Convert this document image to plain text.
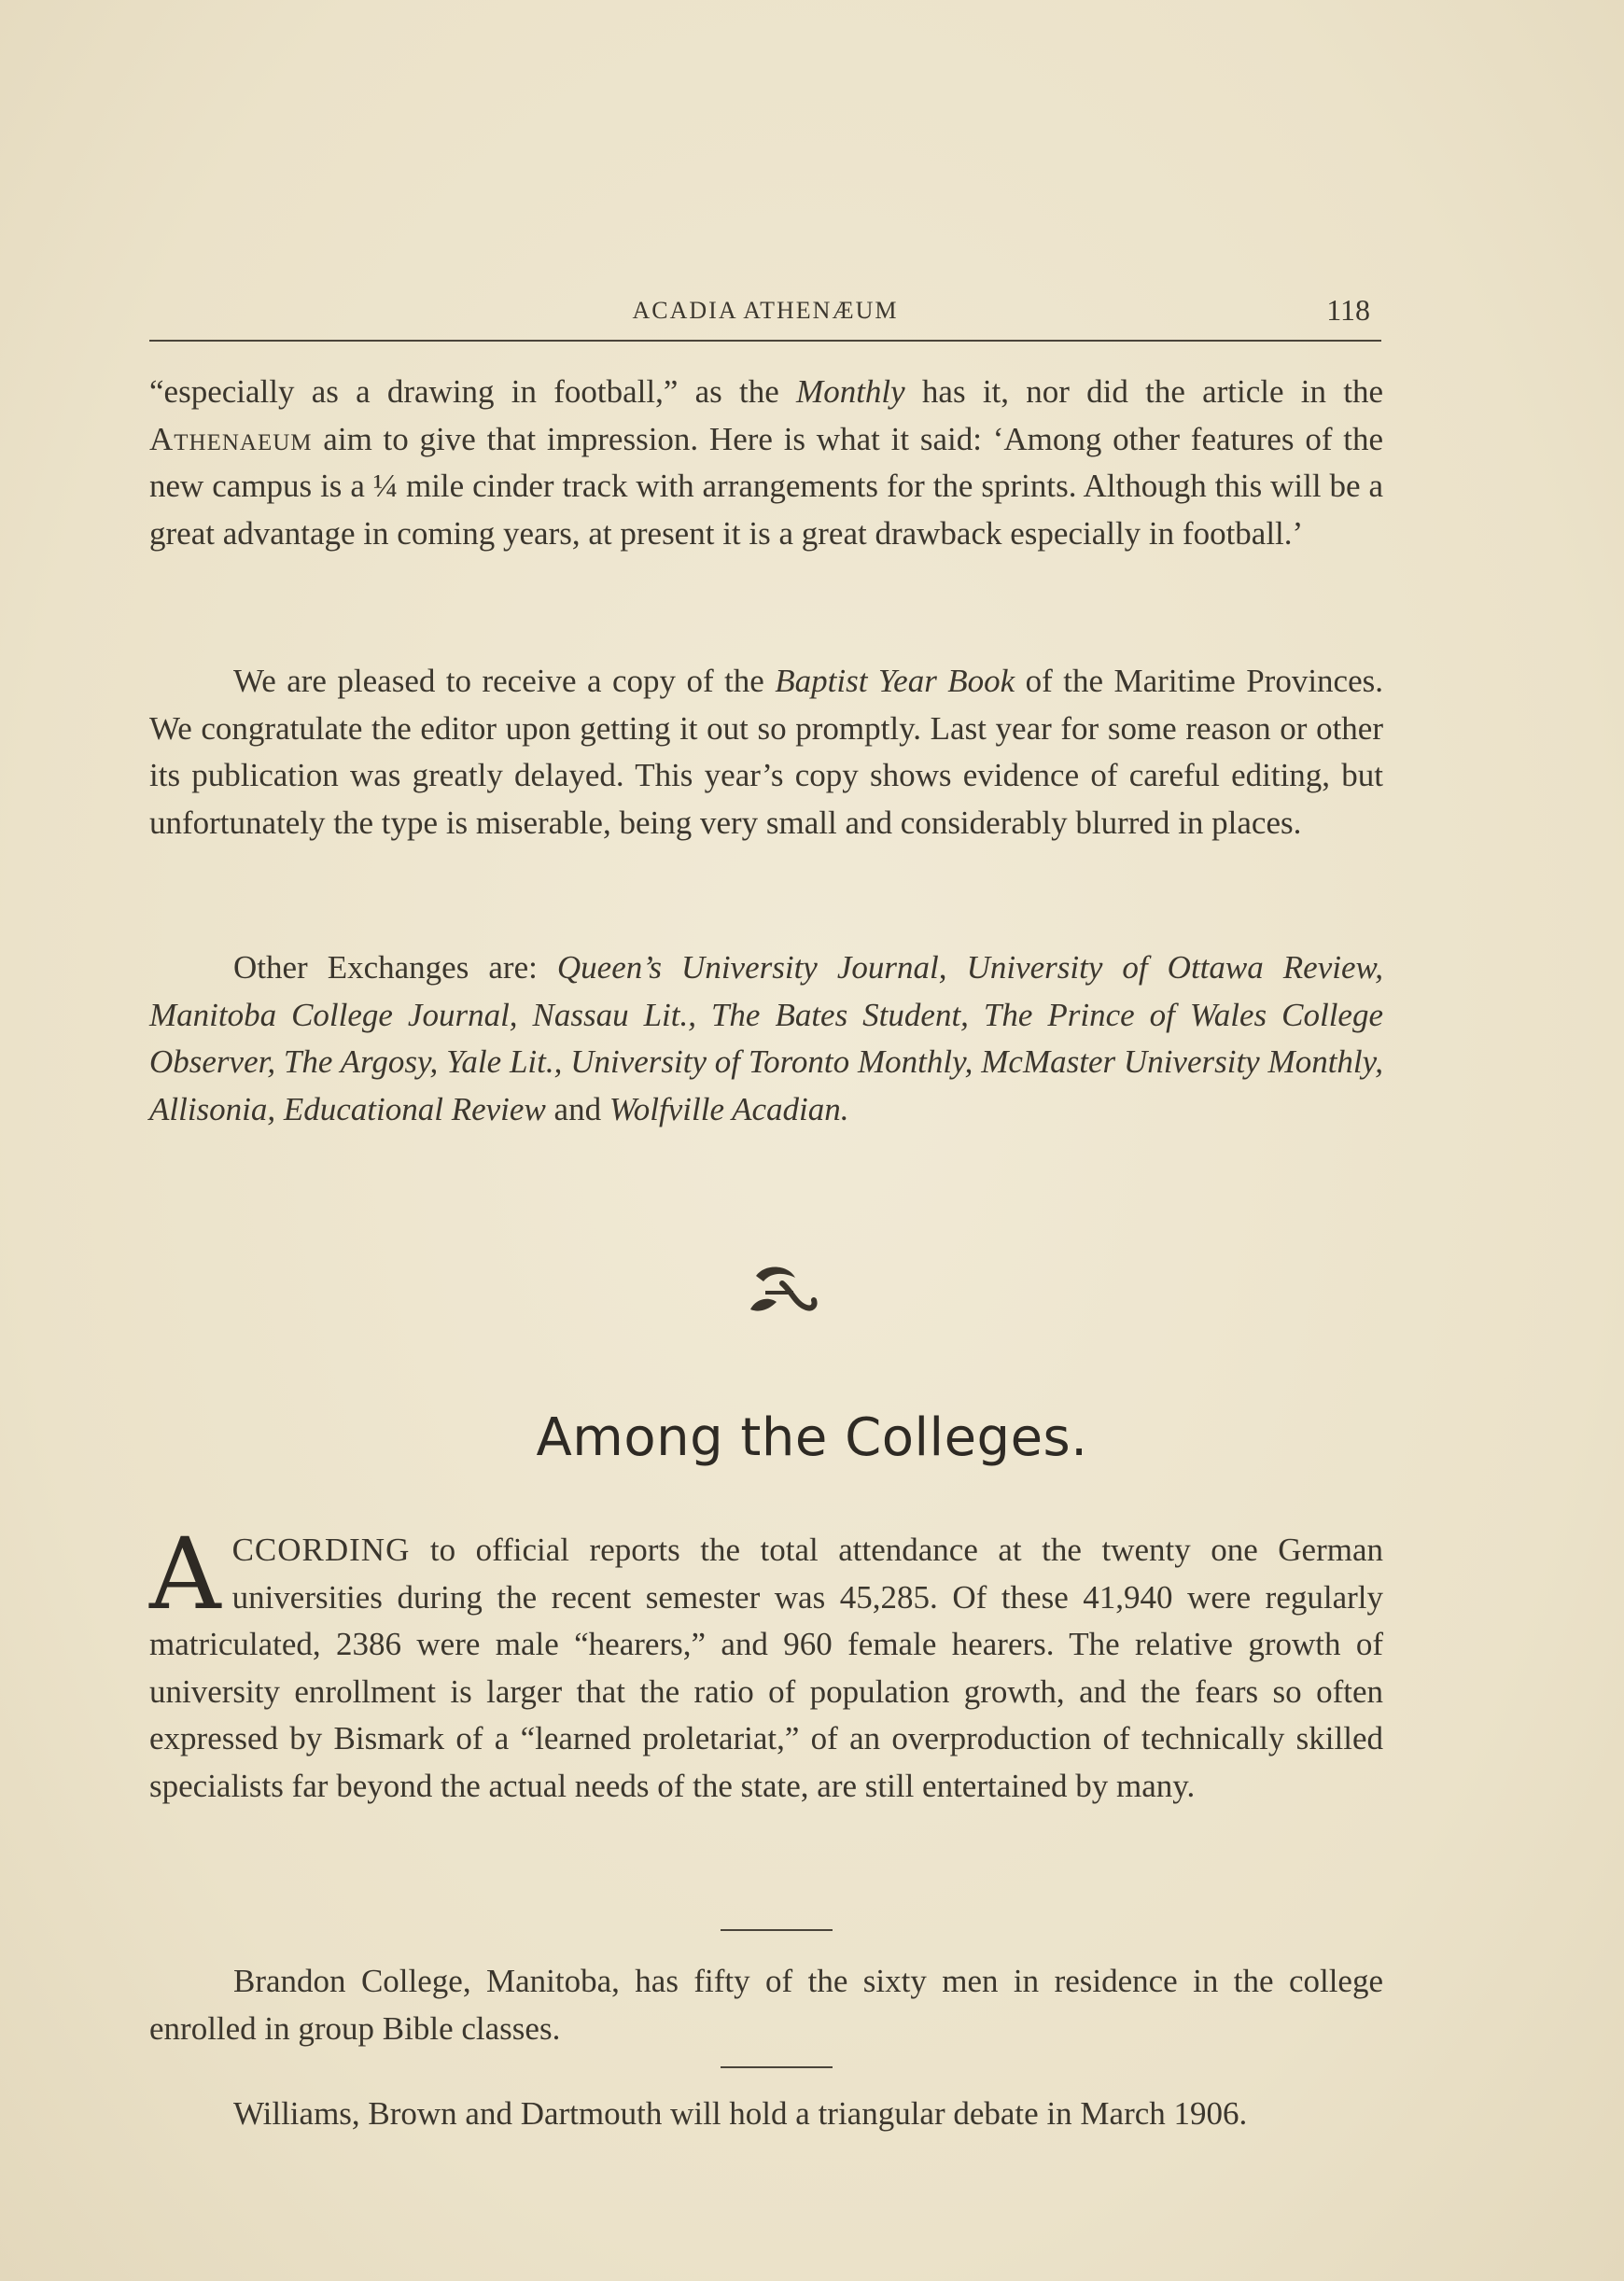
ACADIA ATHENÆUM	118

“especially as a drawing in football,” as the Monthly has it, nor did the article in the Athenaeum aim to give that impression. Here is what it said: ‘Among other features of the new campus is a ¼ mile cinder track with arrangements for the sprints. Although this will be a great advantage in coming years, at present it is a great drawback especially in football.’

We are pleased to receive a copy of the Baptist Year Book of the Maritime Provinces. We congratulate the editor upon getting it out so promptly. Last year for some reason or other its publication was greatly delayed. This year’s copy shows evidence of careful editing, but unfortunately the type is miserable, being very small and considerably blurred in places.

Other Exchanges are: Queen’s University Journal, University of Ottawa Review, Manitoba College Journal, Nassau Lit., The Bates Student, The Prince of Wales College Observer, The Argosy, Yale Lit., University of Toronto Monthly, McMaster University Monthly, Allisonia, Educational Review and Wolfville Acadian.

Among the Colleges.

ACCORDING to official reports the total attendance at the twenty one German universities during the recent semester was 45,285. Of these 41,940 were regularly matriculated, 2386 were male “hearers,” and 960 female hearers. The relative growth of university enrollment is larger that the ratio of population growth, and the fears so often expressed by Bismark of a “learned proletariat,” of an overproduction of technically skilled specialists far beyond the actual needs of the state, are still entertained by many.

Brandon College, Manitoba, has fifty of the sixty men in residence in the college enrolled in group Bible classes.

Williams, Brown and Dartmouth will hold a triangular debate in March 1906.
